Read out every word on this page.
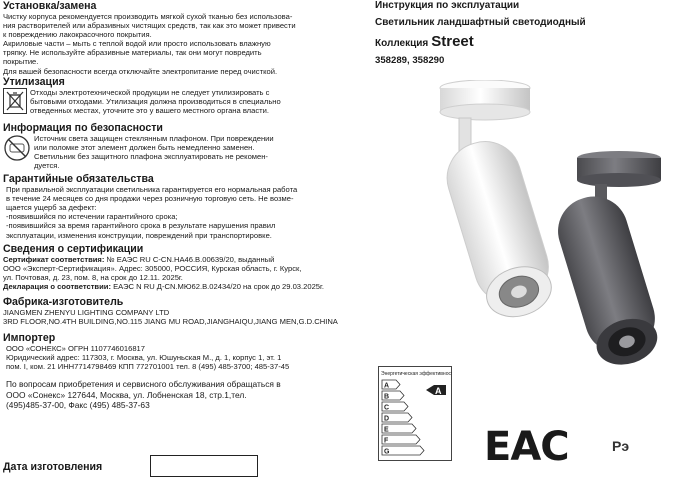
Установка/замена

Чистку корпуса рекомендуется производить мягкой сухой тканью без использова-

ния растворителей или абразивных чистящих средств, так как это может привести

к повреждению лакокрасочного покрытия.

Акриловые части – мыть с теплой водой или просто использовать влажную

тряпку. Не используйте абразивные материалы, так они могут повредить

покрытие.

Для вашей безопасности всегда отключайте электропитание перед очисткой.

Утилизация

Отходы электротехнической продукции не следует утилизировать с

бытовыми отходами. Утилизация должна производиться в специально

отведенных местах, уточните это у вашего местного органа власти.

Информация по безопасности

Источник света защищен стеклянным плафоном. При повреждении

или поломке этот элемент должен быть немедленно заменен.

Светильник без защитного плафона эксплуатировать не рекомен-

дуется.

Гарантийные обязательства

При правильной эксплуатации светильника гарантируется его нормальная работа

в течение 24 месяцев со дня продажи через розничную торговую сеть. Не возме-

щается ущерб за дефект:

-появившийся по истечении гарантийного срока;

-появившийся за время гарантийного срока в результате нарушения правил

эксплуатации, изменения конструкции, повреждений при транспортировке.

Сведения о сертификации

Сертификат соответствия: № ЕАЭС RU C-CN.HA46.B.00639/20, выданный

ООО «Эксперт-Сертификация». Адрес: 305000, РОССИЯ, Курская область, г. Курск,

ул. Почтовая, д. 23, пом. 8, на срок до 12.11. 2025г.

Декларация о соответствии: ЕАЭС N RU Д-CN.МЮ62.В.02434/20 на срок до 29.03.2025г.

Фабрика-изготовитель

JIANGMEN ZHENYU LIGHTING COMPANY LTD

3RD FLOOR,NO.4TH BUILDING,NO.115 JIANG MU ROAD,JIANGHAIQU,JIANG MEN,G.D.CHINA

Импортер

ООО «СОНЕКС» ОГРН 1107746016817

Юридический адрес: 117303, г. Москва, ул. Юшуньская М., д. 1, корпус 1, эт. 1

пом. I, ком. 21 ИНН7714798469 КПП 772701001 тел. 8 (495) 485-3700; 485-37-45

По вопросам приобретения и сервисного обслуживания обращаться в

ООО «Сонекс» 127644, Москва, ул. Лобненская 18, стр.1,тел.

(495)485-37-00, Факс (495) 485-37-63

Дата изготовления

Инструкция по эксплуатации
Светильник ландшафтный светодиодный
Коллекция Street
358289, 358290
Энергетическая эффективность
A
B
C
D
E
F
G
A
EAC	Рэ
